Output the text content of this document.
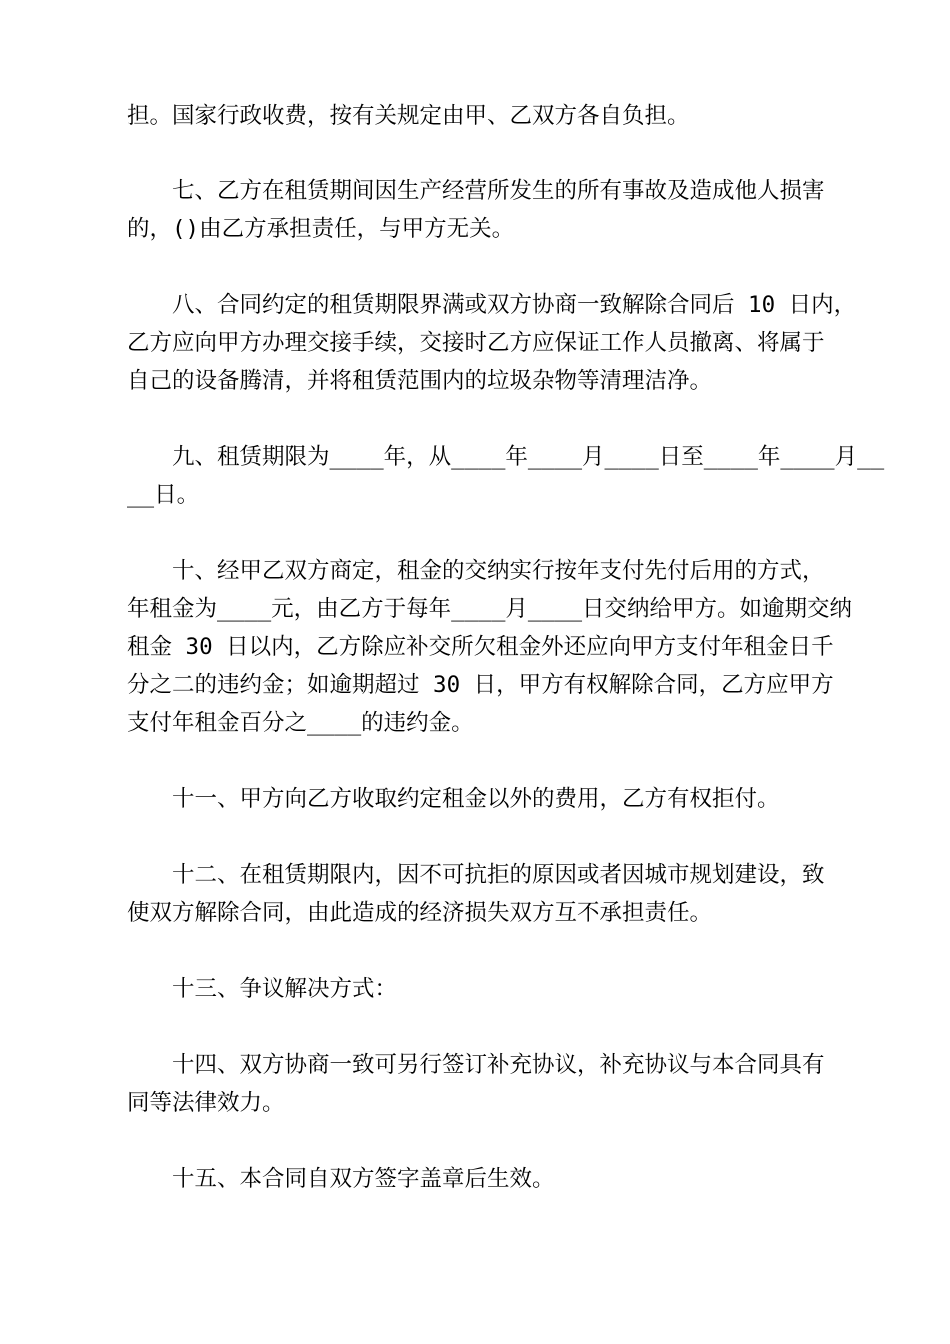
担。国家行政收费，按有关规定由甲、乙双方各自负担。
七、乙方在租赁期间因生产经营所发生的所有事故及造成他人损害
的，()由乙方承担责任，与甲方无关。
八、合同约定的租赁期限界满或双方协商一致解除合同后 10 日内，
乙方应向甲方办理交接手续，交接时乙方应保证工作人员撤离、将属于
自己的设备腾清，并将租赁范围内的垃圾杂物等清理洁净。
九、租赁期限为____年，从____年____月____日至____年____月__
__日。
十、经甲乙双方商定，租金的交纳实行按年支付先付后用的方式，
年租金为____元，由乙方于每年____月____日交纳给甲方。如逾期交纳
租金 30 日以内，乙方除应补交所欠租金外还应向甲方支付年租金日千
分之二的违约金；如逾期超过 30 日，甲方有权解除合同，乙方应甲方
支付年租金百分之____的违约金。
十一、甲方向乙方收取约定租金以外的费用，乙方有权拒付。
十二、在租赁期限内，因不可抗拒的原因或者因城市规划建设，致
使双方解除合同，由此造成的经济损失双方互不承担责任。
十三、争议解决方式：
十四、双方协商一致可另行签订补充协议，补充协议与本合同具有
同等法律效力。
十五、本合同自双方签字盖章后生效。
